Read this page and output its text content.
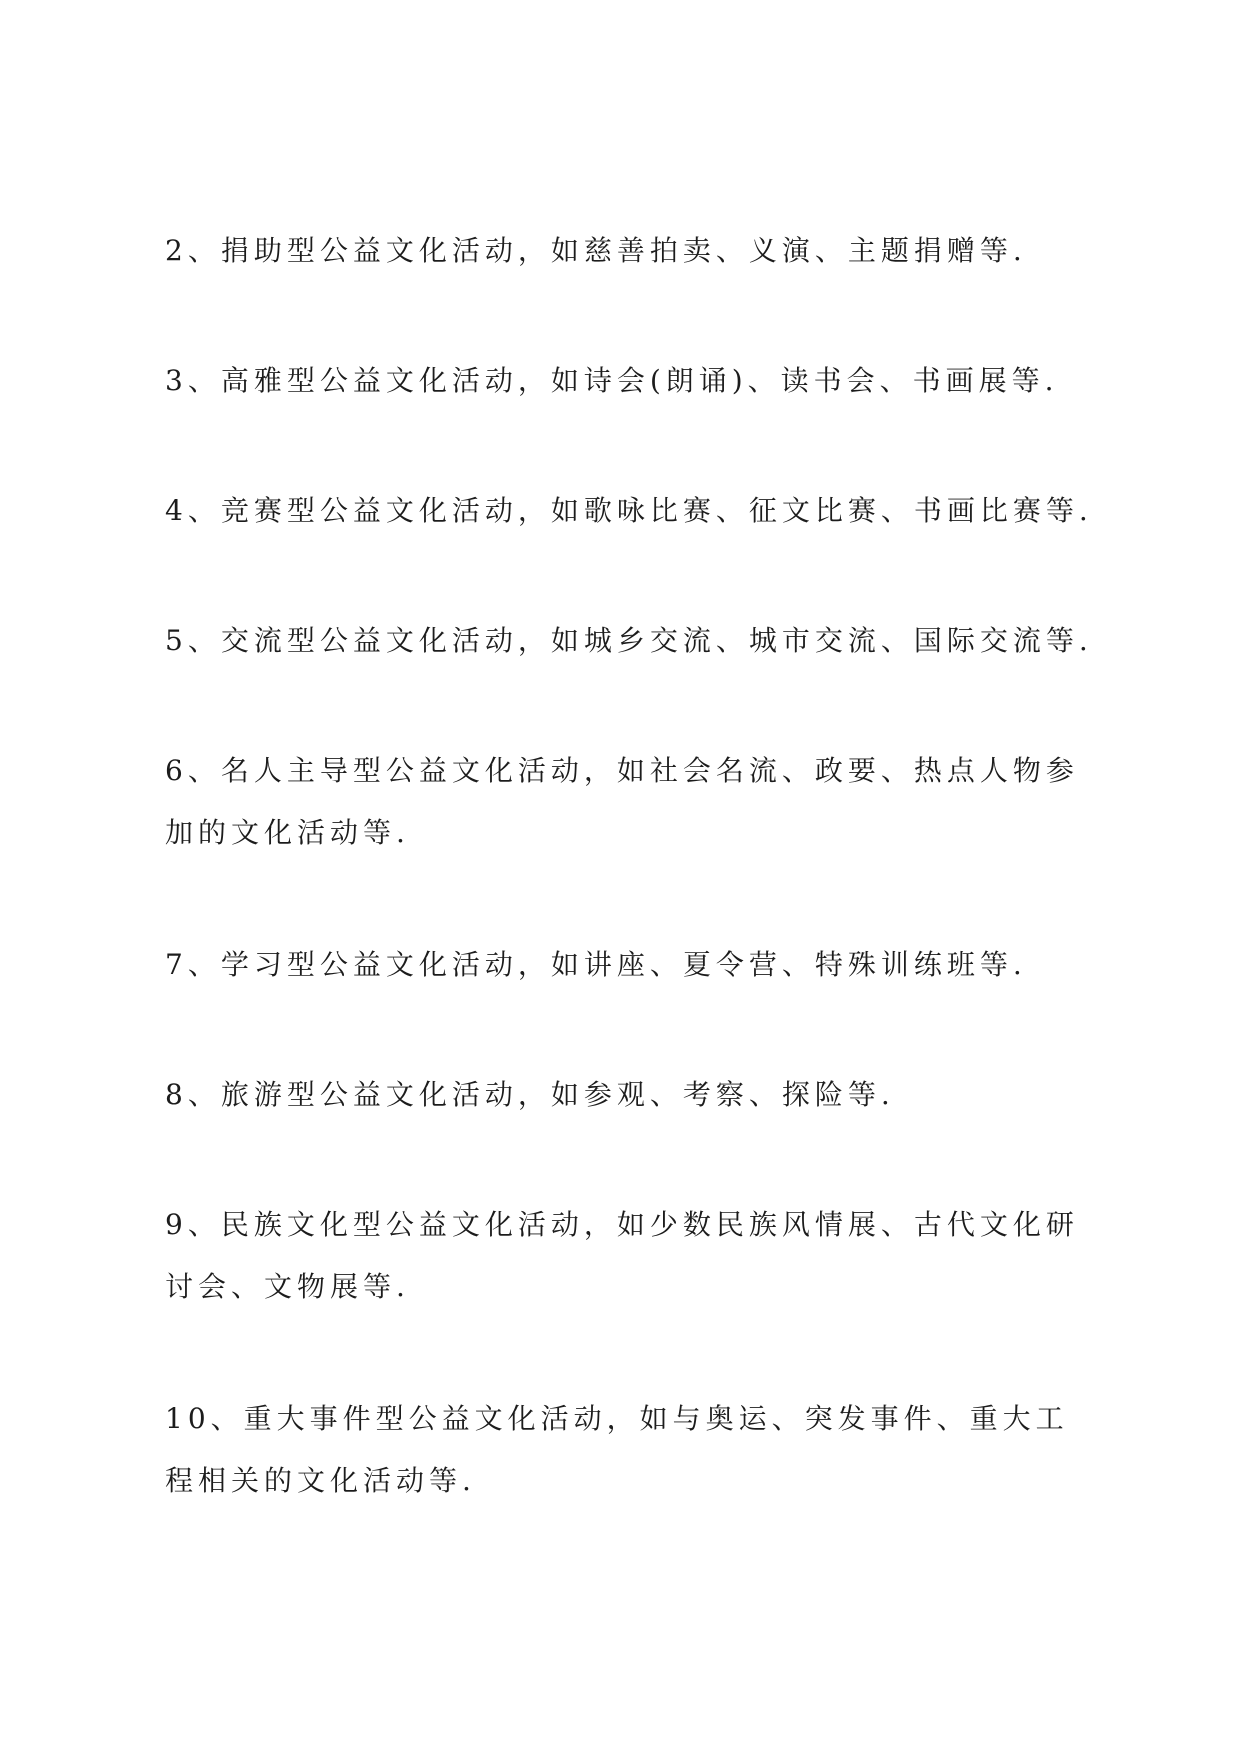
2、捐助型公益文化活动，如慈善拍卖、义演、主题捐赠等.

3、高雅型公益文化活动，如诗会(朗诵)、读书会、书画展等.

4、竞赛型公益文化活动，如歌咏比赛、征文比赛、书画比赛等.

5、交流型公益文化活动，如城乡交流、城市交流、国际交流等.

6、名人主导型公益文化活动，如社会名流、政要、热点人物参加的文化活动等.

7、学习型公益文化活动，如讲座、夏令营、特殊训练班等.

8、旅游型公益文化活动，如参观、考察、探险等.

9、民族文化型公益文化活动，如少数民族风情展、古代文化研讨会、文物展等.

10、重大事件型公益文化活动，如与奥运、突发事件、重大工程相关的文化活动等.
